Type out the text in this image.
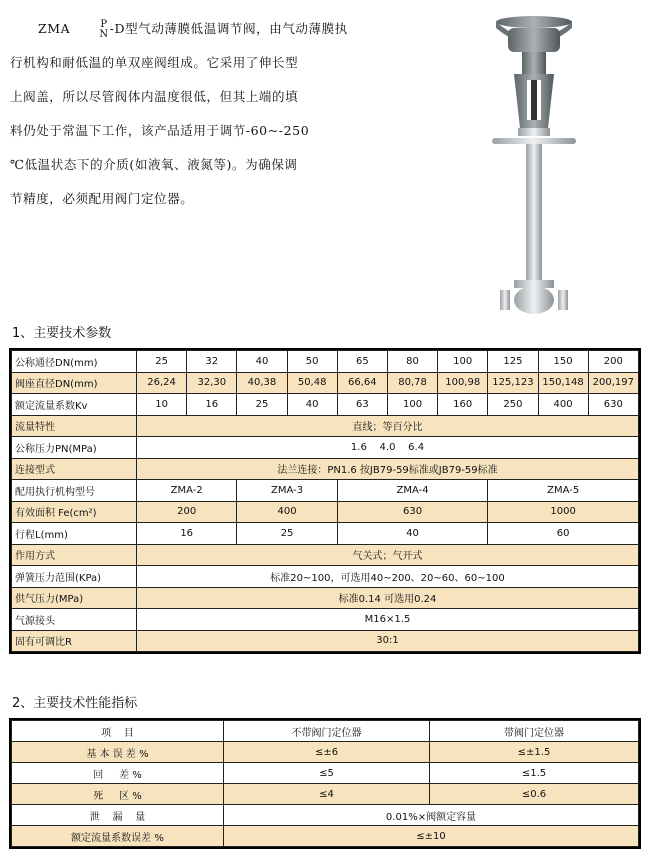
ZMA	P
N -D型气动薄膜低温调节阀，由气动薄膜执
行机构和耐低温的单双座阀组成。它采用了伸长型
上阀盖，所以尽管阀体内温度很低，但其上端的填
料仍处于常温下工作，该产品适用于调节-60~-250
℃低温状态下的介质(如液氧、液氮等)。为确保调
节精度，必须配用阀门定位器。
1、主要技术参数
公称通径DN(mm)	25	32	40	50	65	80	100	125	150	200
阀座直径DN(mm)	26,24	32,30	40,38	50,48	66,64	80,78	100,98	125,123	150,148	200,197
额定流量系数Kv	10	16	25	40	63	100	160	250	400	630
流量特性	直线；等百分比									
公称压力PN(MPa)	1.6    4.0    6.4									
连接型式	法兰连接：PN1.6 按JB79-59标准或JB79-59标准									
配用执行机构型号	ZMA-2		ZMA-3		ZMA-4			ZMA-5		
有效面积 Fe(cm²)	200		400		630			1000		
行程L(mm)	16		25		40			60		
作用方式	气关式；气开式									
弹簧压力范围(KPa)	标准20~100，可选用40~200、20~60、60~100									
供气压力(MPa)	标准0.14 可选用0.24									
气源接头	M16×1.5									
固有可调比R	30:1									
2、主要技术性能指标
项    目	不带阀门定位器	带阀门定位器
基 本 误 差 %	≤±6	≤±1.5
回     差 %	≤5	≤1.5
死     区 %	≤4	≤0.6
泄    漏    量	0.01%×阀额定容量	
额定流量系数误差 %	≤±10	
